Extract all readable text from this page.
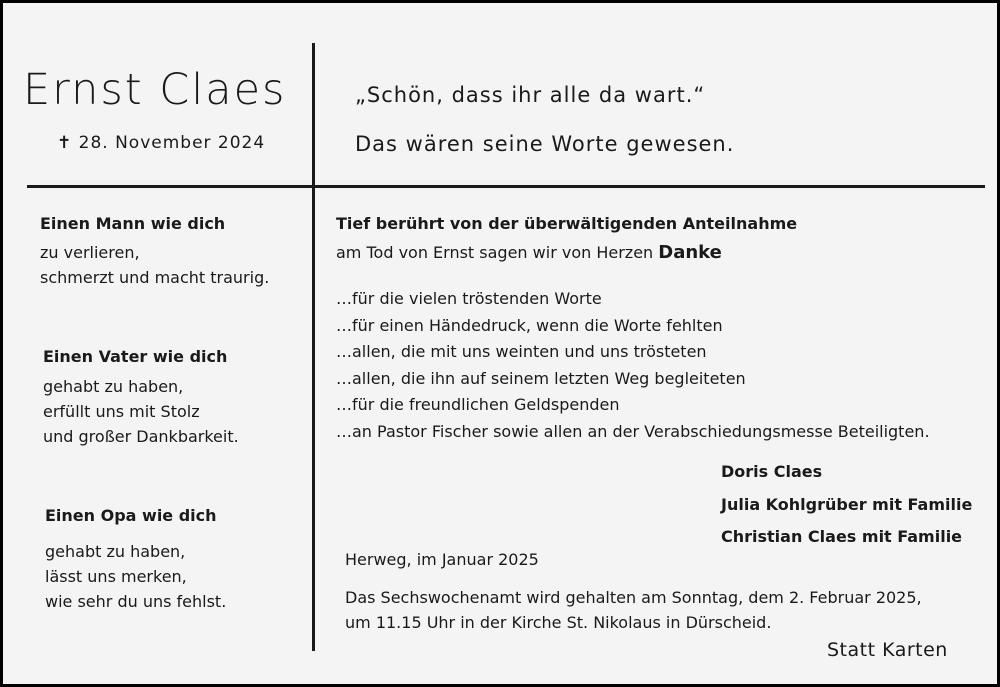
Ernst Claes
✝ 28. November 2024
„Schön, dass ihr alle da wart.“
Das wären seine Worte gewesen.
Einen Mann wie dich
zu verlieren,
schmerzt und macht traurig.
Einen Vater wie dich
gehabt zu haben,
erfüllt uns mit Stolz
und großer Dankbarkeit.
Einen Opa wie dich
gehabt zu haben,
lässt uns merken,
wie sehr du uns fehlst.
Tief berührt von der überwältigenden Anteilnahme
am Tod von Ernst sagen wir von Herzen Danke
…für die vielen tröstenden Worte
…für einen Händedruck, wenn die Worte fehlten
…allen, die mit uns weinten und uns trösteten
…allen, die ihn auf seinem letzten Weg begleiteten
…für die freundlichen Geldspenden
…an Pastor Fischer sowie allen an der Verabschiedungsmesse Beteiligten.
Doris Claes
Julia Kohlgrüber mit Familie
Christian Claes mit Familie
Herweg, im Januar 2025
Das Sechswochenamt wird gehalten am Sonntag, dem 2. Februar 2025,
um 11.15 Uhr in der Kirche St. Nikolaus in Dürscheid.
Statt Karten
